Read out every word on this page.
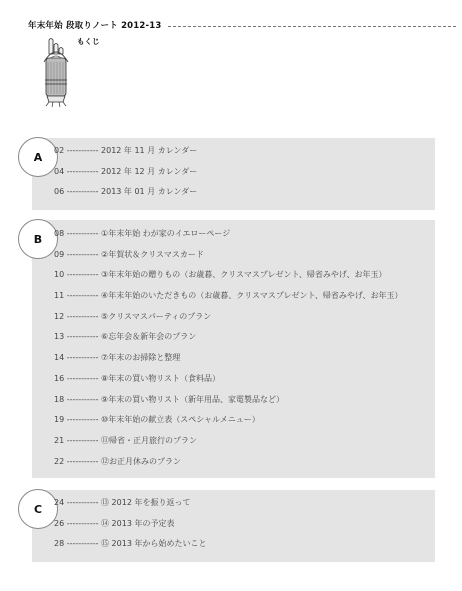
年末年始 段取りノート 2012-13
もくじ
A	02 ----------- 2012 年 11 月 カレンダー
04 ----------- 2012 年 12 月 カレンダー
06 ----------- 2013 年 01 月 カレンダー
B	08 ----------- ①年末年始 わが家のイエローページ
09 ----------- ②年賀状＆クリスマスカード
10 ----------- ③年末年始の贈りもの（お歳暮、クリスマスプレゼント、帰省みやげ、お年玉）
11 ----------- ④年末年始のいただきもの（お歳暮、クリスマスプレゼント、帰省みやげ、お年玉）
12 ----------- ⑤クリスマスパーティのプラン
13 ----------- ⑥忘年会＆新年会のプラン
14 ----------- ⑦年末のお掃除と整理
16 ----------- ⑧年末の買い物リスト（食料品）
18 ----------- ⑨年末の買い物リスト（新年用品、家電製品など）
19 ----------- ⑩年末年始の献立表（スペシャルメニュー）
21 ----------- ⑪帰省・正月旅行のプラン
22 ----------- ⑫お正月休みのプラン
C	24 ----------- ⑬ 2012 年を振り返って
26 ----------- ⑭ 2013 年の予定表
28 ----------- ⑮ 2013 年から始めたいこと
